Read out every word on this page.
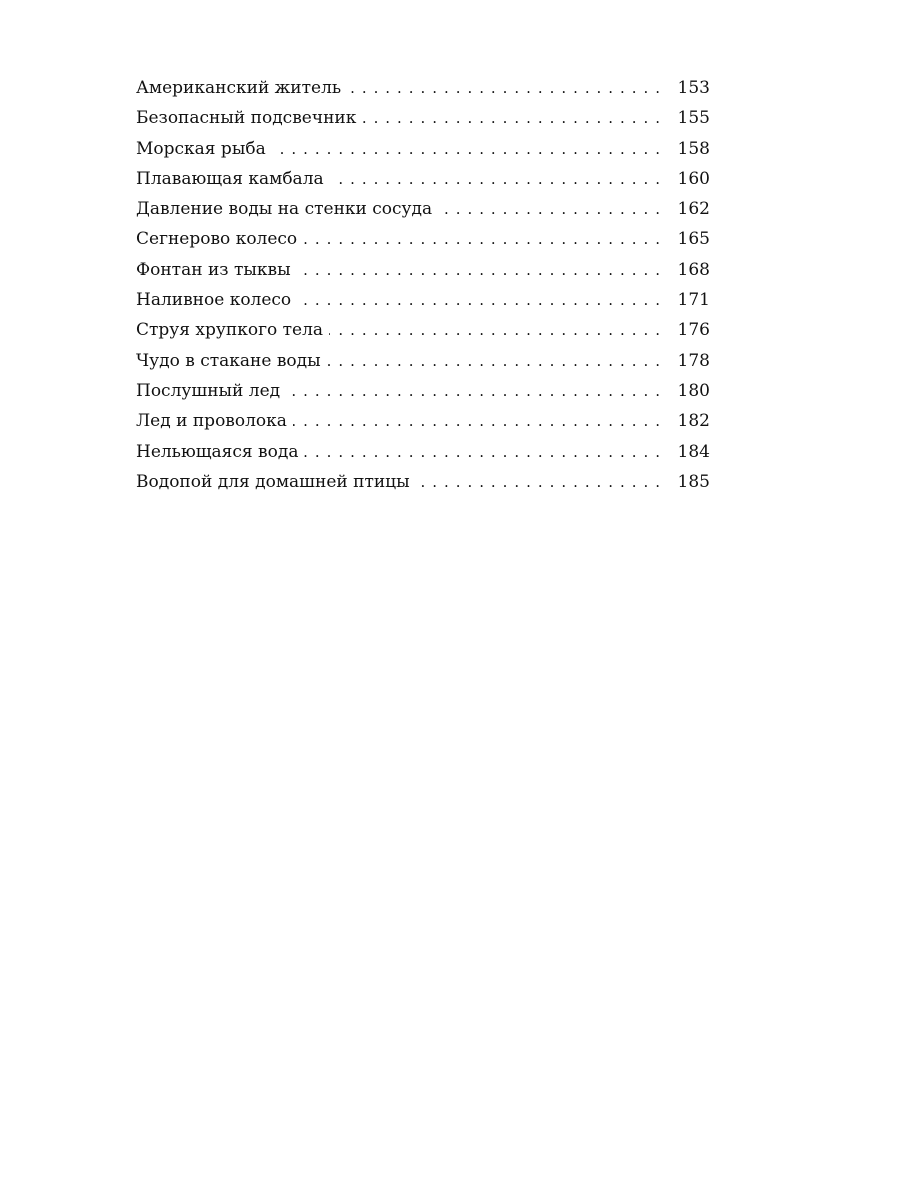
Американский житель . . .	153
Безопасный подсвечник . . .	155
Морская рыба . . .	158
Плавающая камбала . . .	160
Давление воды на стенки сосуда . . .	162
Сегнерово колесо . . .	165
Фонтан из тыквы . . .	168
Наливное колесо . . .	171
Струя хрупкого тела . . .	176
Чудо в стакане воды . . .	178
Послушный лед . . .	180
Лед и проволока . . .	182
Нельющаяся вода . . .	184
Водопой для домашней птицы . . .	185
